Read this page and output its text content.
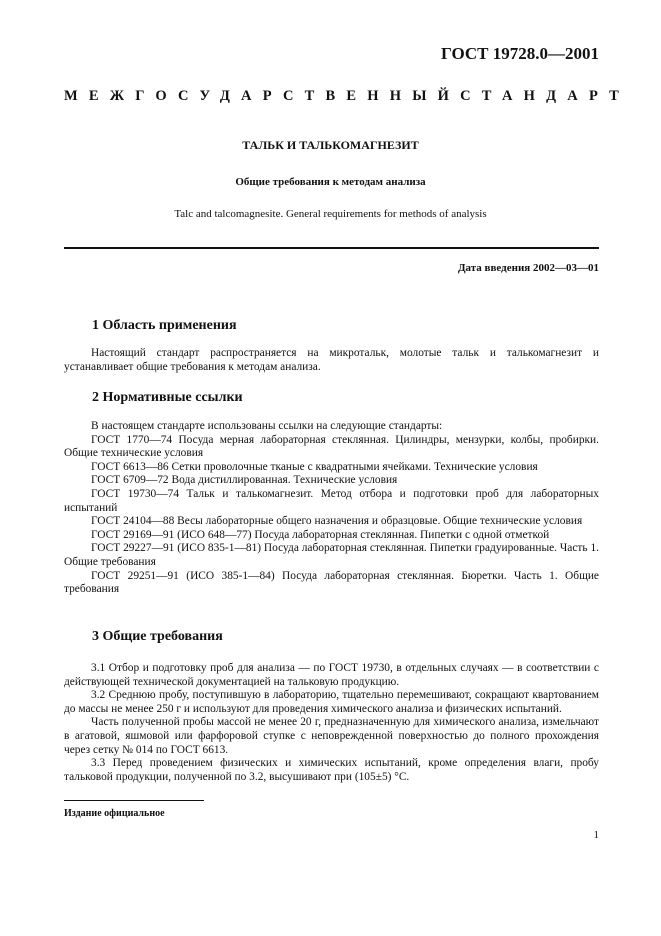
ГОСТ 19728.0—2001
МЕЖГОСУДАРСТВЕННЫЙ СТАНДАРТ
ТАЛЬК И ТАЛЬКОМАГНЕЗИТ
Общие требования к методам анализа
Talc and talcomagnesite. General requirements for methods of analysis
Дата введения 2002—03—01
1 Область применения

Настоящий стандарт распространяется на микротальк, молотые тальк и талькомагнезит и устанавливает общие требования к методам анализа.

2 Нормативные ссылки

В настоящем стандарте использованы ссылки на следующие стандарты:

ГОСТ 1770—74 Посуда мерная лабораторная стеклянная. Цилиндры, мензурки, колбы, пробирки. Общие технические условия

ГОСТ 6613—86 Сетки проволочные тканые с квадратными ячейками. Технические условия

ГОСТ 6709—72 Вода дистиллированная. Технические условия

ГОСТ 19730—74 Тальк и талькомагнезит. Метод отбора и подготовки проб для лабораторных испытаний

ГОСТ 24104—88 Весы лабораторные общего назначения и образцовые. Общие технические условия

ГОСТ 29169—91 (ИСО 648—77) Посуда лабораторная стеклянная. Пипетки с одной отметкой

ГОСТ 29227—91 (ИСО 835-1—81) Посуда лабораторная стеклянная. Пипетки градуированные. Часть 1. Общие требования

ГОСТ 29251—91 (ИСО 385-1—84) Посуда лабораторная стеклянная. Бюретки. Часть 1. Общие требования

3 Общие требования

3.1 Отбор и подготовку проб для анализа — по ГОСТ 19730, в отдельных случаях — в соответствии с действующей технической документацией на тальковую продукцию.

3.2 Среднюю пробу, поступившую в лабораторию, тщательно перемешивают, сокращают квартованием до массы не менее 250 г и используют для проведения химического анализа и физических испытаний.

Часть полученной пробы массой не менее 20 г, предназначенную для химического анализа, измельчают в агатовой, яшмовой или фарфоровой ступке с неповрежденной поверхностью до полного прохождения через сетку № 014 по ГОСТ 6613.

3.3 Перед проведением физических и химических испытаний, кроме определения влаги, пробу тальковой продукции, полученной по 3.2, высушивают при (105±5) °С.

Издание официальное
1
